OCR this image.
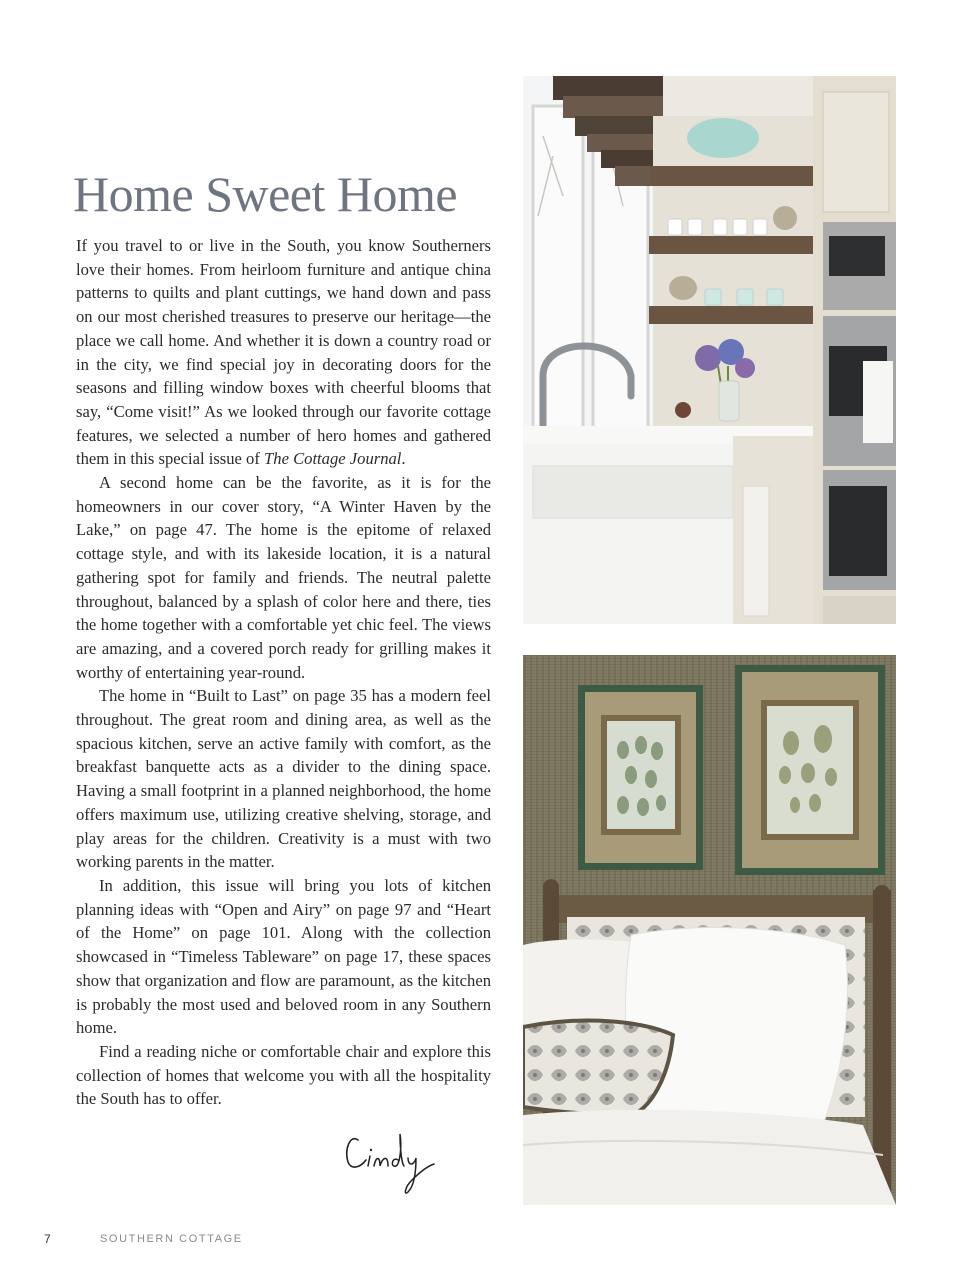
Home Sweet Home

If you travel to or live in the South, you know Southerners love their homes. From heirloom furniture and antique china patterns to quilts and plant cuttings, we hand down and pass on our most cherished treasures to preserve our heritage—the place we call home. And whether it is down a country road or in the city, we find special joy in decorating doors for the seasons and filling window boxes with cheerful blooms that say, “Come visit!” As we looked through our favorite cottage features, we selected a number of hero homes and gathered them in this special issue of The Cottage Journal.

A second home can be the favorite, as it is for the homeowners in our cover story, “A Winter Haven by the Lake,” on page 47. The home is the epitome of relaxed cottage style, and with its lakeside location, it is a natural gathering spot for family and friends. The neutral palette throughout, balanced by a splash of color here and there, ties the home together with a comfortable yet chic feel. The views are amazing, and a covered porch ready for grilling makes it worthy of entertaining year-round.

The home in “Built to Last” on page 35 has a modern feel throughout. The great room and dining area, as well as the spacious kitchen, serve an active family with comfort, as the breakfast banquette acts as a divider to the dining space. Having a small footprint in a planned neighborhood, the home offers maximum use, utilizing creative shelving, storage, and play areas for the children. Creativity is a must with two working parents in the matter.

In addition, this issue will bring you lots of kitchen planning ideas with “Open and Airy” on page 97 and “Heart of the Home” on page 101. Along with the collection showcased in “Timeless Tableware” on page 17, these spaces show that organization and flow are paramount, as the kitchen is probably the most used and beloved room in any Southern home.

Find a reading niche or comfortable chair and explore this collection of homes that welcome you with all the hospitality the South has to offer.

7	SOUTHERN COTTAGE
